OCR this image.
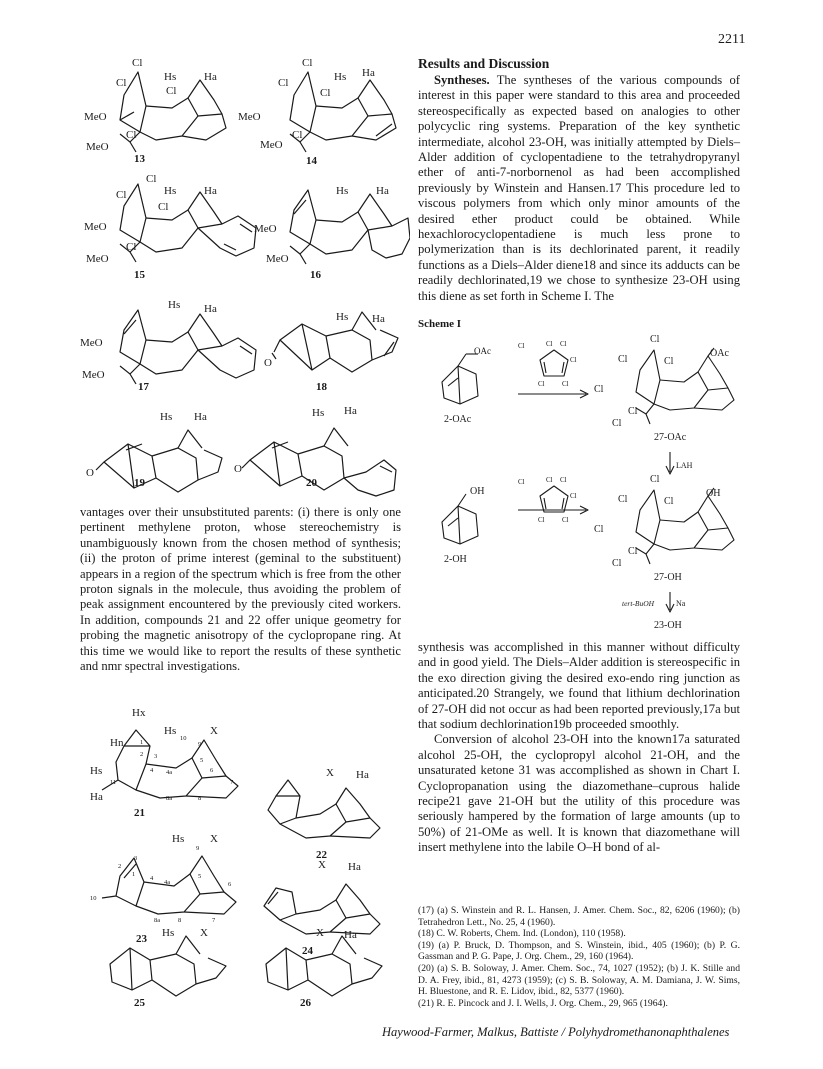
2211
Cl
Cl	Hs	Ha
Cl
MeO
Cl
MeO
13
Cl
Cl	Hs Ha
Cl
MeO
Cl
MeO
14
Cl
Cl	Hs	Ha
Cl
MeO
Cl
MeO
15
Hs	Ha
MeO
MeO
16
Hs Ha
MeO
MeO
17
Hs Ha
O
18
Hs Ha
O
19
Hs Ha
O
20

vantages over their unsubstituted parents: (i) there is only one pertinent methylene proton, whose stereochemistry is unambiguously known from the chosen method of synthesis; (ii) the proton of prime interest (geminal to the substituent) appears in a region of the spectrum which is free from the other proton signals in the molecule, thus avoiding the problem of peak assignment encountered by the previously cited workers. In addition, compounds 21 and 22 offer unique geometry for probing the magnetic anisotropy of the cyclopropane ring. At this time we would like to report the results of these synthetic and nmr spectral investigations.

Hx
Hn
Hs	X
Hs
Ha
21
1
2 3
4 4a
5
6
7
8
8a
9
10
11
X Ha
22
Hs X
23
1
2
3
4
4a
5
6
7
8
8a
9
10
X Ha
24
Hs X
25
X Ha
26
Results and Discussion

Syntheses. The syntheses of the various compounds of interest in this paper were standard to this area and proceeded stereospecifically as expected based on analogies to other polycyclic ring systems. Preparation of the key synthetic intermediate, alcohol 23-OH, was initially attempted by Diels–Alder addition of cyclopentadiene to the tetrahydropyranyl ether of anti-7-norbornenol as had been accomplished previously by Winstein and Hansen.17 This procedure led to viscous polymers from which only minor amounts of the desired ether product could be obtained. While hexachlorocyclopentadiene is much less prone to polymerization than is its dechlorinated parent, it readily functions as a Diels–Alder diene18 and since its adducts can be readily dechlorinated,19 we chose to synthesize 23-OH using this diene as set forth in Scheme I. The

Scheme I
OAc
2-OAc
Cl	Cl Cl
Cl
Cl Cl
Cl
Cl	Cl
OAc
Cl
Cl
Cl
27-OAc
LAH
OH
2-OH
Cl	Cl Cl
Cl
Cl Cl
Cl
Cl	Cl
OH
Cl
Cl
Cl
27-OH
tert-BuOH	Na
23-OH

synthesis was accomplished in this manner without difficulty and in good yield. The Diels–Alder addition is stereospecific in the exo direction giving the desired exo-endo ring junction as anticipated.20 Strangely, we found that lithium dechlorination of 27-OH did not occur as had been reported previously,17a but that sodium dechlorination19b proceeded smoothly.

Conversion of alcohol 23-OH into the known17a saturated alcohol 25-OH, the cyclopropyl alcohol 21-OH, and the unsaturated ketone 31 was accomplished as shown in Chart I. Cyclopropanation using the diazomethane–cuprous halide recipe21 gave 21-OH but the utility of this procedure was seriously hampered by the formation of large amounts (up to 50%) of 21-OMe as well. It is known that diazomethane will insert methylene into the labile O–H bond of al-

(17) (a) S. Winstein and R. L. Hansen, J. Amer. Chem. Soc., 82, 6206 (1960); (b) Tetrahedron Lett., No. 25, 4 (1960).

(18) C. W. Roberts, Chem. Ind. (London), 110 (1958).

(19) (a) P. Bruck, D. Thompson, and S. Winstein, ibid., 405 (1960); (b) P. G. Gassman and P. G. Pape, J. Org. Chem., 29, 160 (1964).

(20) (a) S. B. Soloway, J. Amer. Chem. Soc., 74, 1027 (1952); (b) J. K. Stille and D. A. Frey, ibid., 81, 4273 (1959); (c) S. B. Soloway, A. M. Damiana, J. W. Sims, H. Bluestone, and R. E. Lidov, ibid., 82, 5377 (1960).

(21) R. E. Pincock and J. I. Wells, J. Org. Chem., 29, 965 (1964).

Haywood-Farmer, Malkus, Battiste / Polyhydromethanonaphthalenes
